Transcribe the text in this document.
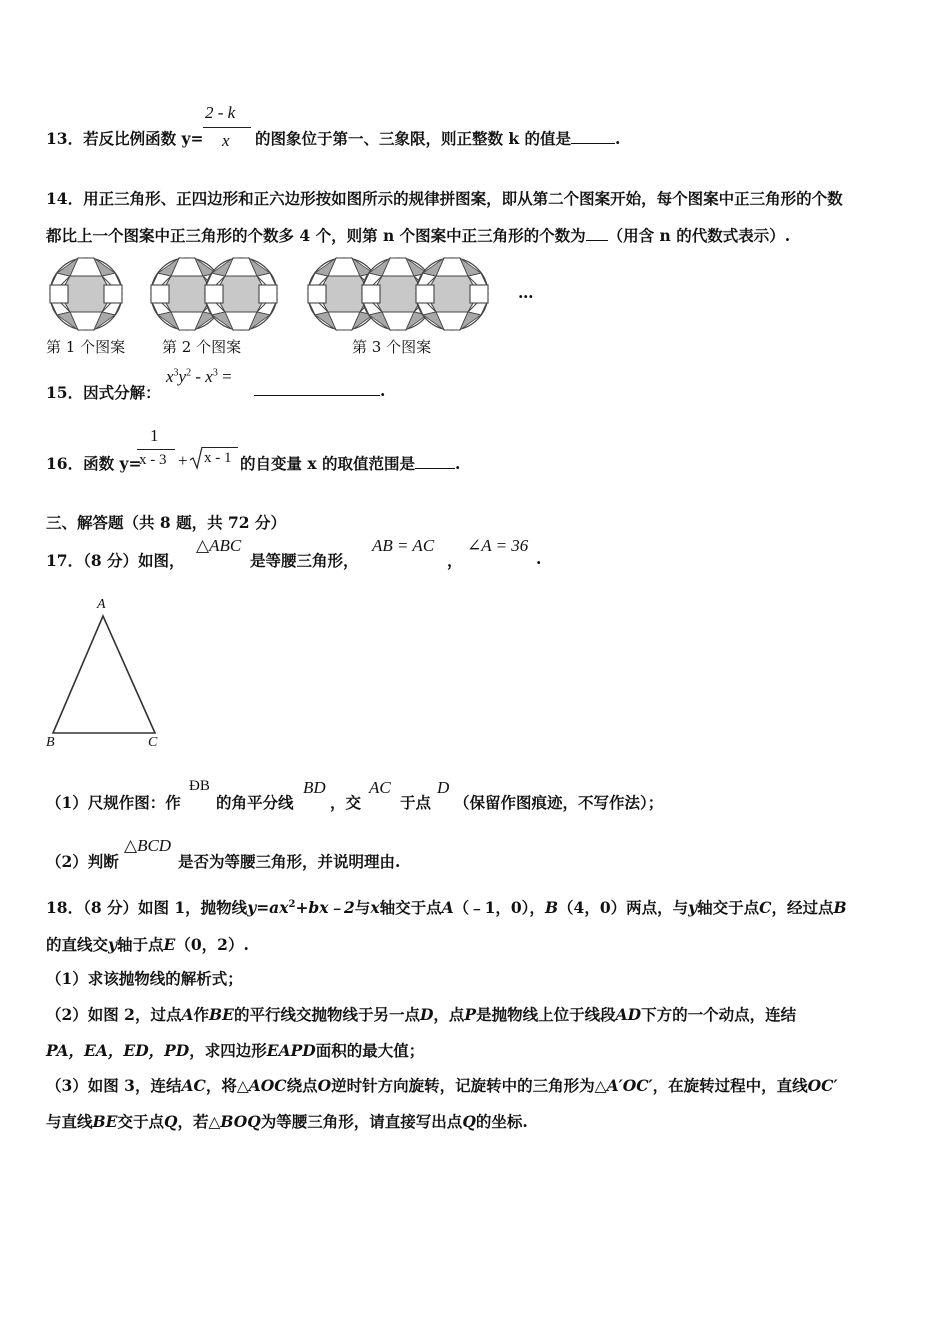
13．若反比例函数 y=
2 - k
x 的图象位于第一、三象限，则正整数 k 的值是	.
14．用正三角形、正四边形和正六边形按如图所示的规律拼图案，即从第二个图案开始，每个图案中正三角形的个数
都比上一个图案中正三角形的个数多 4 个，则第 n 个图案中正三角形的个数为 （用含 n 的代数式表示）.
第 1 个图案 第 2 个图案	第 3 个图案
…
15．因式分解：
$x^3y^2 - x^3$ =
.
16．函数 y=
1
x - 3 + x - 1 的自变量 x 的取值范围是	.
三、解答题（共 8 题，共 72 分）
17．（8 分）如图，
△ABC
是等腰三角形，
AB = AC
，
∠A = 36
.
A
B	C
（1）尺规作图：作
ÐB
的角平分线
BD
，交
AC
于点
D
（保留作图痕迹，不写作法）；
（2）判断
△BCD
是否为等腰三角形，并说明理由.
18．（8 分）如图 1，抛物线$y=ax^2+bx﹣2$与x轴交于点A（﹣1，0），B（4，0）两点，与y轴交于点C，经过点B
的直线交y轴于点E（0，2）.
（1）求该抛物线的解析式；
（2）如图 2，过点A作BE的平行线交抛物线于另一点D，点P是抛物线上位于线段AD下方的一个动点，连结
PA，EA，ED，PD，求四边形EAPD面积的最大值；
（3）如图 3，连结AC，将△AOC绕点O逆时针方向旋转，记旋转中的三角形为△A′OC′，在旋转过程中，直线OC′
与直线BE交于点Q，若△BOQ为等腰三角形，请直接写出点Q的坐标.
